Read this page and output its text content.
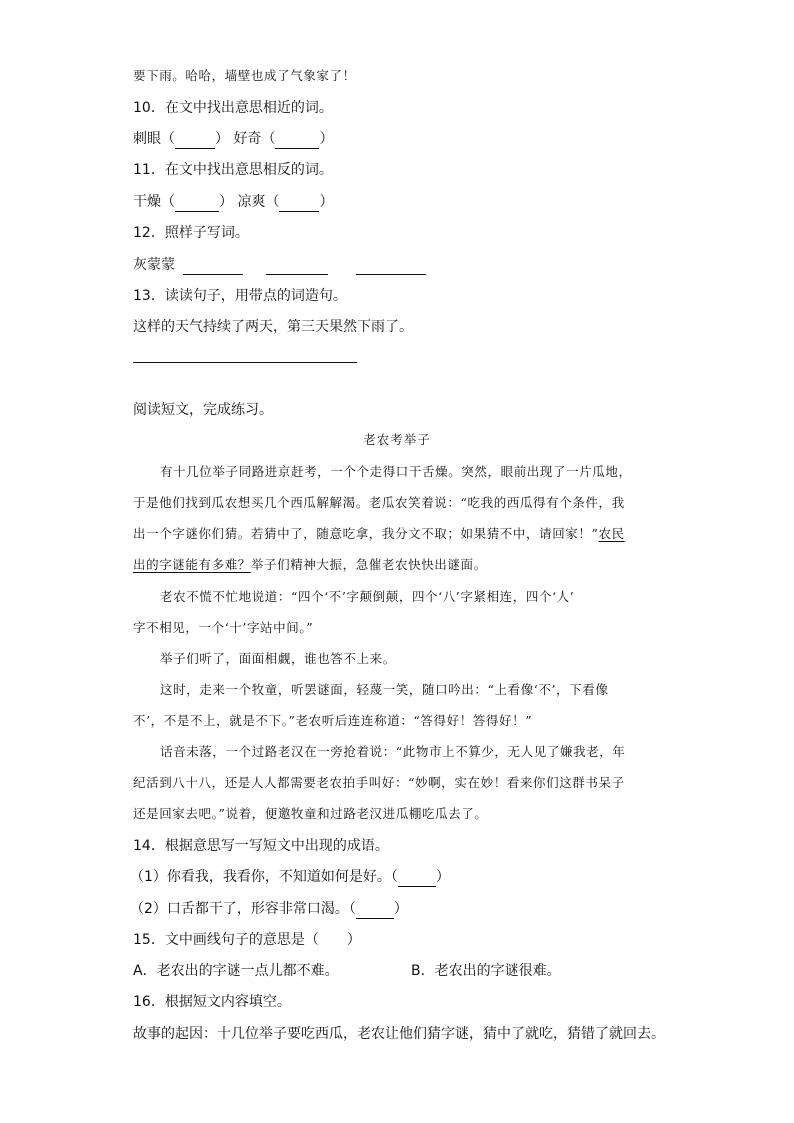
要下雨。哈哈，墙壁也成了气象家了！
10．在文中找出意思相近的词。
刺眼（	） 好奇（	）
11．在文中找出意思相反的词。
干燥（	） 凉爽（	）
12．照样子写词。
灰蒙蒙
13．读读句子，用带点的词造句。
这样的天气持续了两天，第三天果然下雨了。
阅读短文，完成练习。
老农考举子
有十几位举子同路进京赶考，一个个走得口干舌燥。突然，眼前出现了一片瓜地，
于是他们找到瓜农想买几个西瓜解解渴。老瓜农笑着说：“吃我的西瓜得有个条件，我
出一个字谜你们猜。若猜中了，随意吃拿，我分文不取；如果猜不中，请回家！”农民
出的字谜能有多难？举子们精神大振，急催老农快快出谜面。
老农不慌不忙地说道：“四个‘不’字颠倒颠，四个‘八’字紧相连，四个‘人’
字不相见，一个‘十’字站中间。”
举子们听了，面面相觑，谁也答不上来。
这时，走来一个牧童，听罢谜面，轻蔑一笑，随口吟出：“上看像‘不’，下看像
不’，不是不上，就是不下。”老农听后连连称道：“答得好！答得好！”
话音未落，一个过路老汉在一旁抢着说：“此物市上不算少，无人见了嫌我老，年
纪活到八十八，还是人人都需要老农拍手叫好：“妙啊，实在妙！看来你们这群书呆子
还是回家去吧。”说着，便邀牧童和过路老汉进瓜棚吃瓜去了。
14．根据意思写一写短文中出现的成语。
（1）你看我，我看你，不知道如何是好。（	）
（2）口舌都干了，形容非常口渴。（	）
15．文中画线句子的意思是（　　）
A．老农出的字谜一点儿都不难。	B．老农出的字谜很难。
16．根据短文内容填空。
故事的起因：十几位举子要吃西瓜，老农让他们猜字谜，猜中了就吃，猜错了就回去。
